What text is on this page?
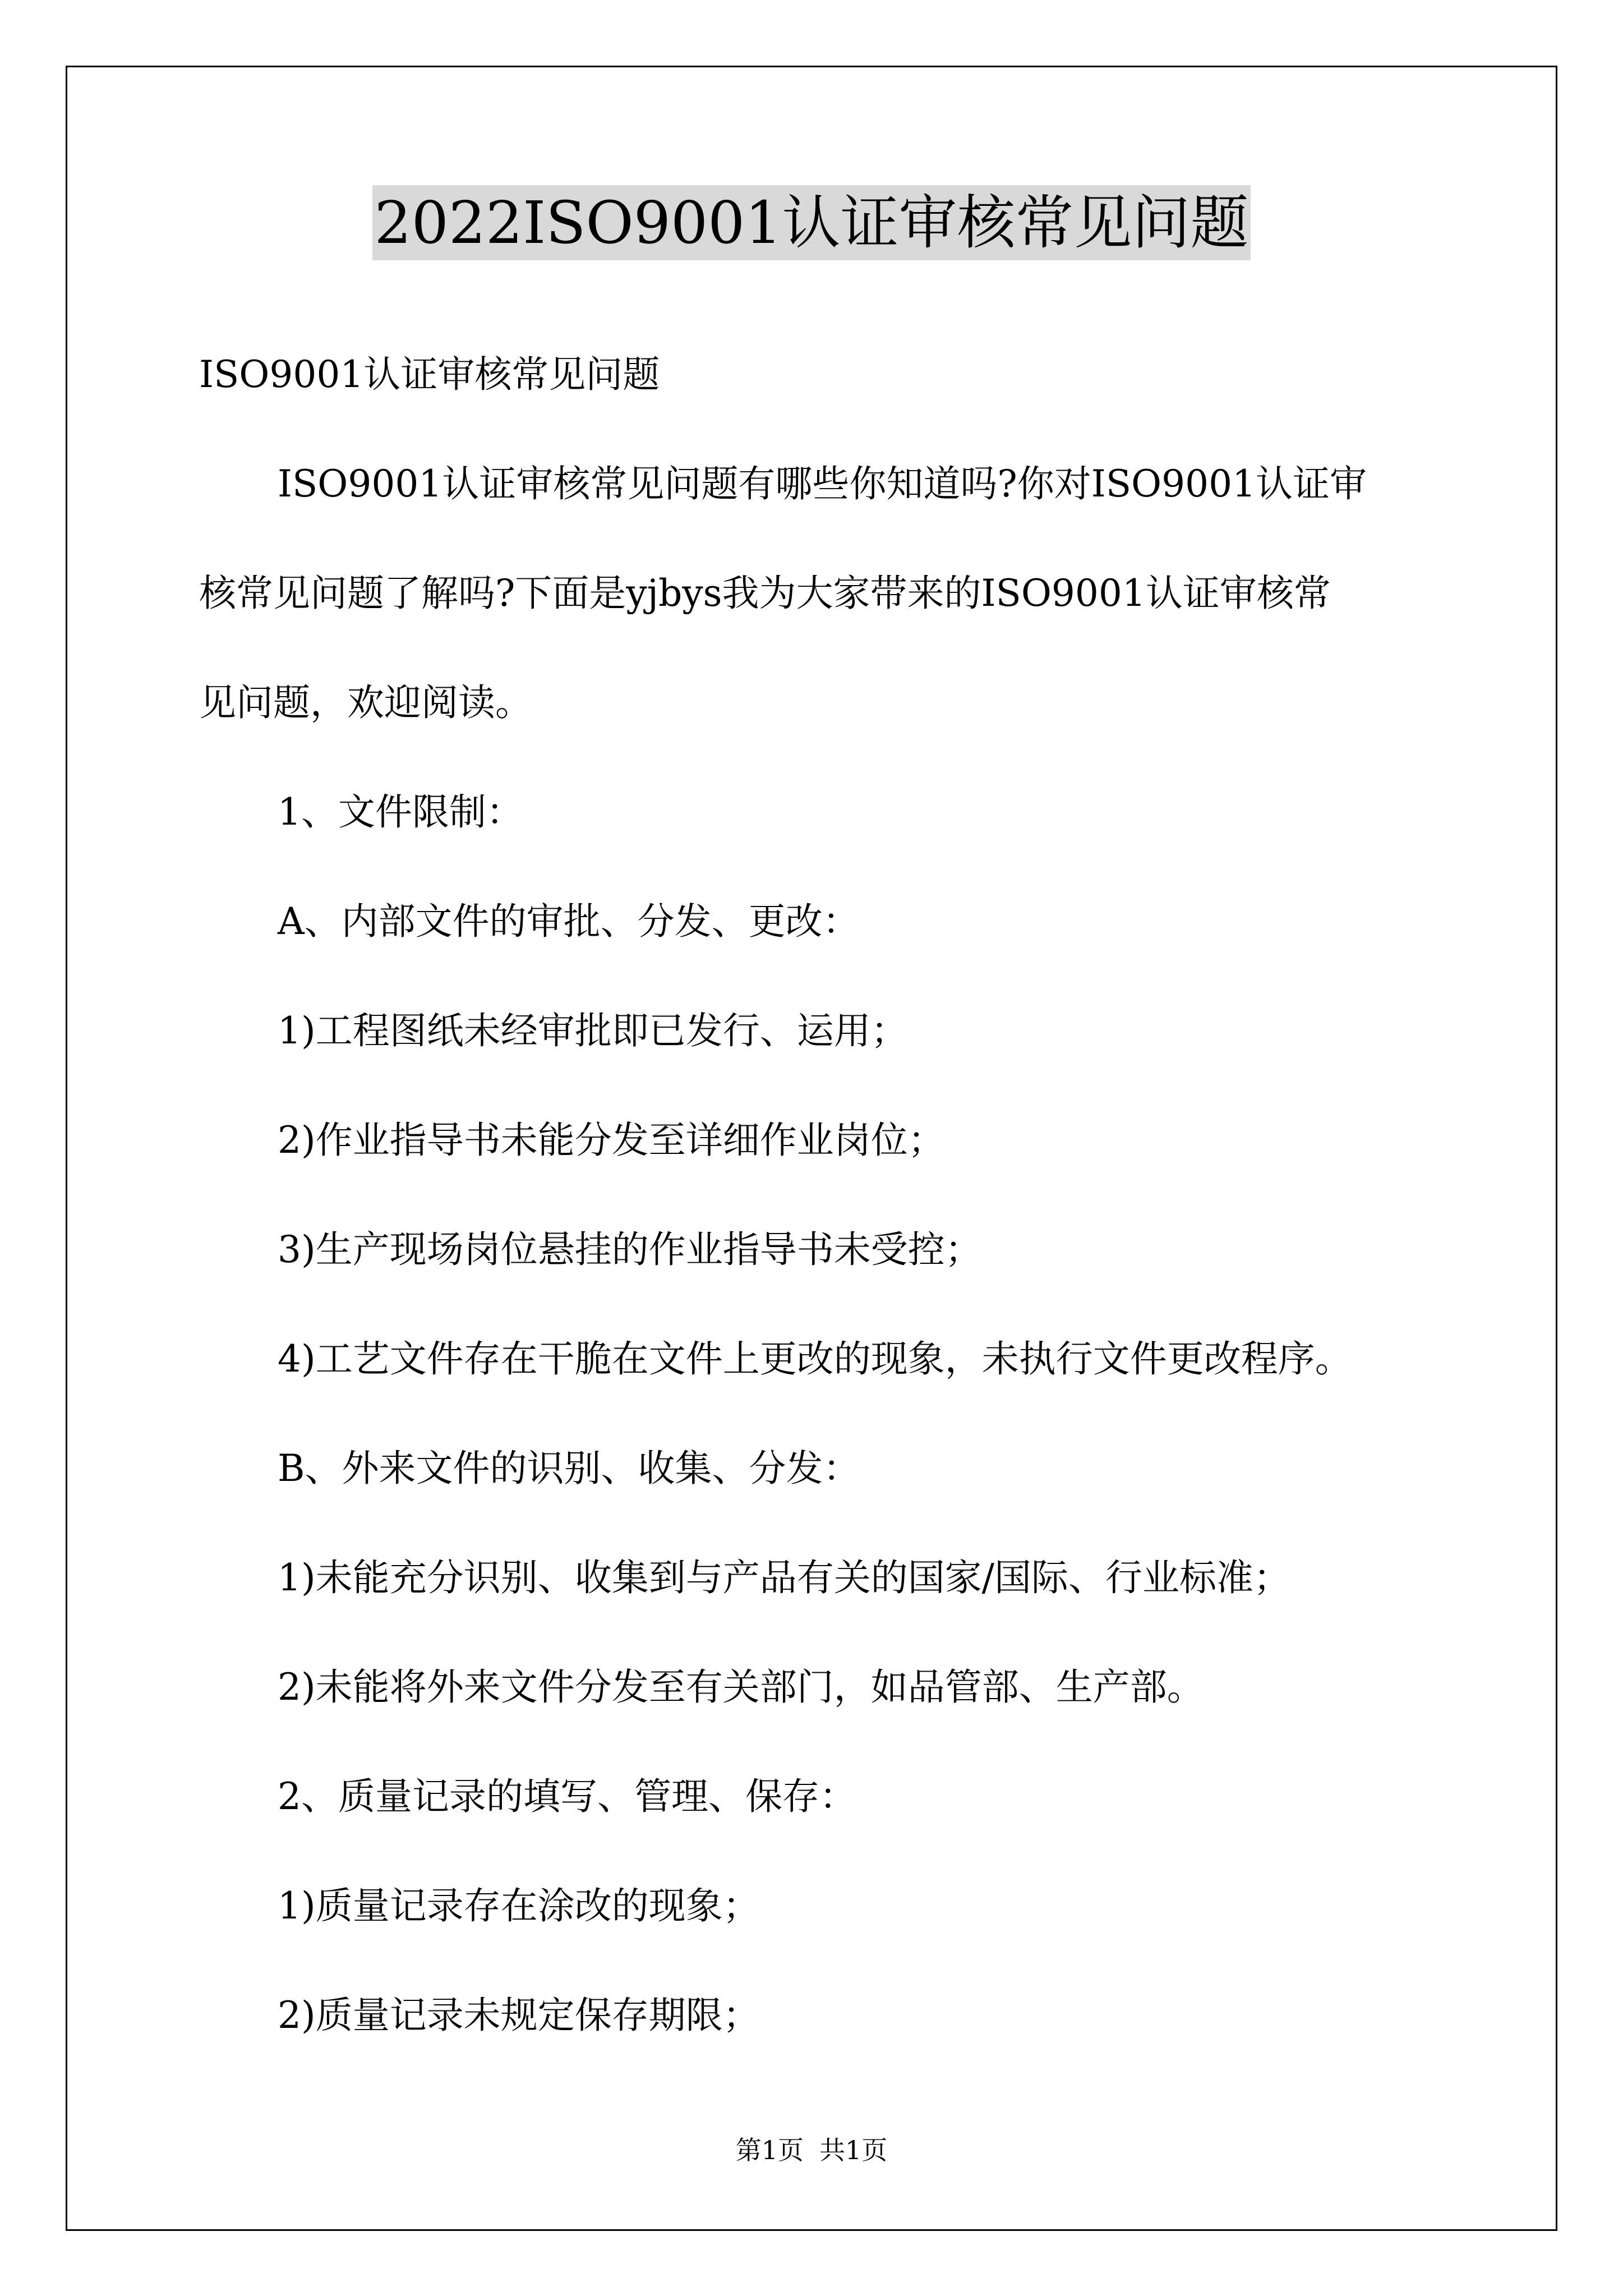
2022ISO9001认证审核常见问题

ISO9001认证审核常见问题

ISO9001认证审核常见问题有哪些你知道吗?你对ISO9001认证审

核常见问题了解吗?下面是yjbys我为大家带来的ISO9001认证审核常

见问题，欢迎阅读。

1、文件限制：

A、内部文件的审批、分发、更改：

1)工程图纸未经审批即已发行、运用；

2)作业指导书未能分发至详细作业岗位；

3)生产现场岗位悬挂的作业指导书未受控；

4)工艺文件存在干脆在文件上更改的现象，未执行文件更改程序。

B、外来文件的识别、收集、分发：

1)未能充分识别、收集到与产品有关的国家/国际、行业标准；

2)未能将外来文件分发至有关部门，如品管部、生产部。

2、质量记录的填写、管理、保存：

1)质量记录存在涂改的现象；

2)质量记录未规定保存期限；

第1页 共1页
